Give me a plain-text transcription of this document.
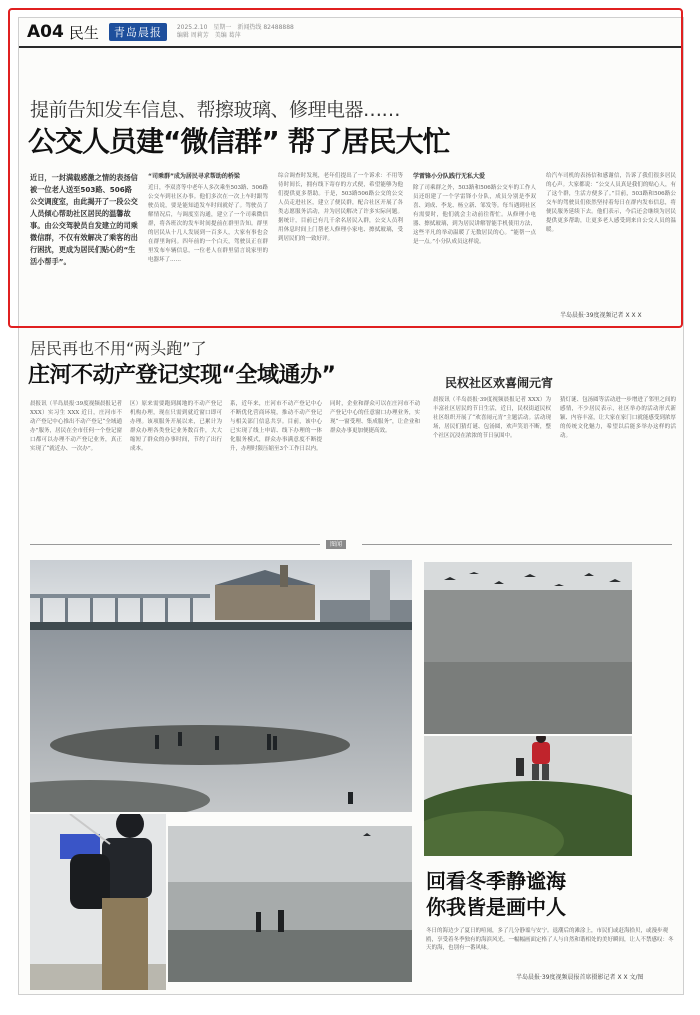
A04 民生	青岛晨报	2025.2.10 星期一 新闻热线 82488888
编辑 周莉芳 美编 葛萍
提前告知发车信息、帮擦玻璃、修理电器……
公交人员建“微信群” 帮了居民大忙
近日，一封满载感激之情的表扬信被一位老人送至503路、506路公交调度室，由此揭开了一段公交人员倾心帮助社区居民的温馨故事。由公交驾驶员自发建立的司乘微信群，不仅有效解决了乘客的出行困扰，更成为居民们贴心的“生活小帮手”。
“司乘群”成为居民寻求帮助的桥梁
近日，李双喜等中老年人多次乘坐503路、506路公交车到社区办事。他们多次在一次上车时跟驾驶员说，要是能知道发车时间就好了。驾驶员了解情况后，与调度室沟通，建立了一个司乘微信群，将各班次的发车时间提前在群里告知。群里的居民从十几人发展到一百多人，大家有事也会在群里询问。四年前的一个白天，驾驶员正在群里发布车辆信息，一位老人在群里留言说家里的电器坏了……
综合调查时发现，老年们提出了一个诉求：不用等待时间长，拥有线下寄存的方式便，希望能够为他们提供更多帮助。于是，503路506路公交的公交人员走进社区，建立了便民群，配合社区开展了各类志愿服务活动，并为居民解决了许多实际问题。据统计，目前已有几千余名居民入群，公交人员利用休息时间上门帮老人修理小家电、擦拭玻璃，受到居民们的一致好评。
学雷锋小分队践行无私大爱
除了司乘群之外，503路和506路公交车的工作人员还组建了一个学雷锋小分队，成员分别是李双喜、刘成、李龙、杨立新、邹发等。每当遇到社区有需要时，他们就会主动前往帮忙。从修理小电器、擦拭玻璃，到为居民讲解智能手机使用方法，这些平凡的举动温暖了无数居民的心。“能帮一点是一点。”小分队成员这样说。
给汽车司机的表扬信和感谢信，告诉了我们很多居民的心声。大家都说：“公交人员真是我们的贴心人，有了这个群，生活方便多了。”目前，503路和506路公交车的驾驶员们依然坚持着每日在群内发布信息，将便民服务延续下去。他们表示，今后还会继续为居民提供更多帮助，让更多老人感受到来自公交人员的温暖。
半岛晨报·39度视频记者 X X X
居民再也不用“两头跑”了
庄河不动产登记实现“全域通办”
晨报讯（半岛晨报·39度视频晨报记者 XXX）实习生 XXX 近日，庄河市不动产登记中心推出不动产登记“全域通办”服务，居民在全市任何一个登记窗口都可以办理不动产登记业务，真正实现了“就近办、一次办”。
区）原来需要跑到属地的不动产登记机构办理，现在只需到就近窗口即可办理。该项服务开展以来，已累计为群众办理各类登记业务数百件，大大缩短了群众的办事时间，节约了出行成本。
系，近年来，庄河市不动产登记中心不断优化营商环境，推动不动产登记与相关部门信息共享。目前，该中心已实现了线上申请、线下办理的一体化服务模式，群众办事满意度不断提升，办理时限压缩至3个工作日以内。
同时，企业和群众可以在庄河市不动产登记中心的任意窗口办理业务，实现“一窗受理、集成服务”，让企业和群众办事更加便捷高效。
民权社区欢喜闹元宵
晨报讯（半岛晨报·39度视频晨报记者 XXX）为丰富社区居民的节日生活，近日，民权街道民权社区组织开展了“欢喜闹元宵”主题活动。活动现场，居民们猜灯谜、包汤圆，欢声笑语不断，整个社区沉浸在浓浓的节日氛围中。
猜灯谜、包汤圆等活动进一步增进了邻里之间的感情，不少居民表示，社区举办的活动形式新颖、内容丰富，让大家在家门口就能感受到浓厚的传统文化魅力，希望以后能多举办这样的活动。
图闻
回看冬季静谧海
你我皆是画中人
冬日的海边少了夏日的喧闹，多了几分静谧与安宁。退潮后的滩涂上，市民们或赶海拾贝，或漫步观鸥，享受着冬季独有的海滨风光。一幅幅画面定格了人与自然和谐相处的美好瞬间，让人不禁感叹：冬天的海，也别有一番风味。
半岛晨报·39度视频晨报首席摄影记者 X X 文/图
